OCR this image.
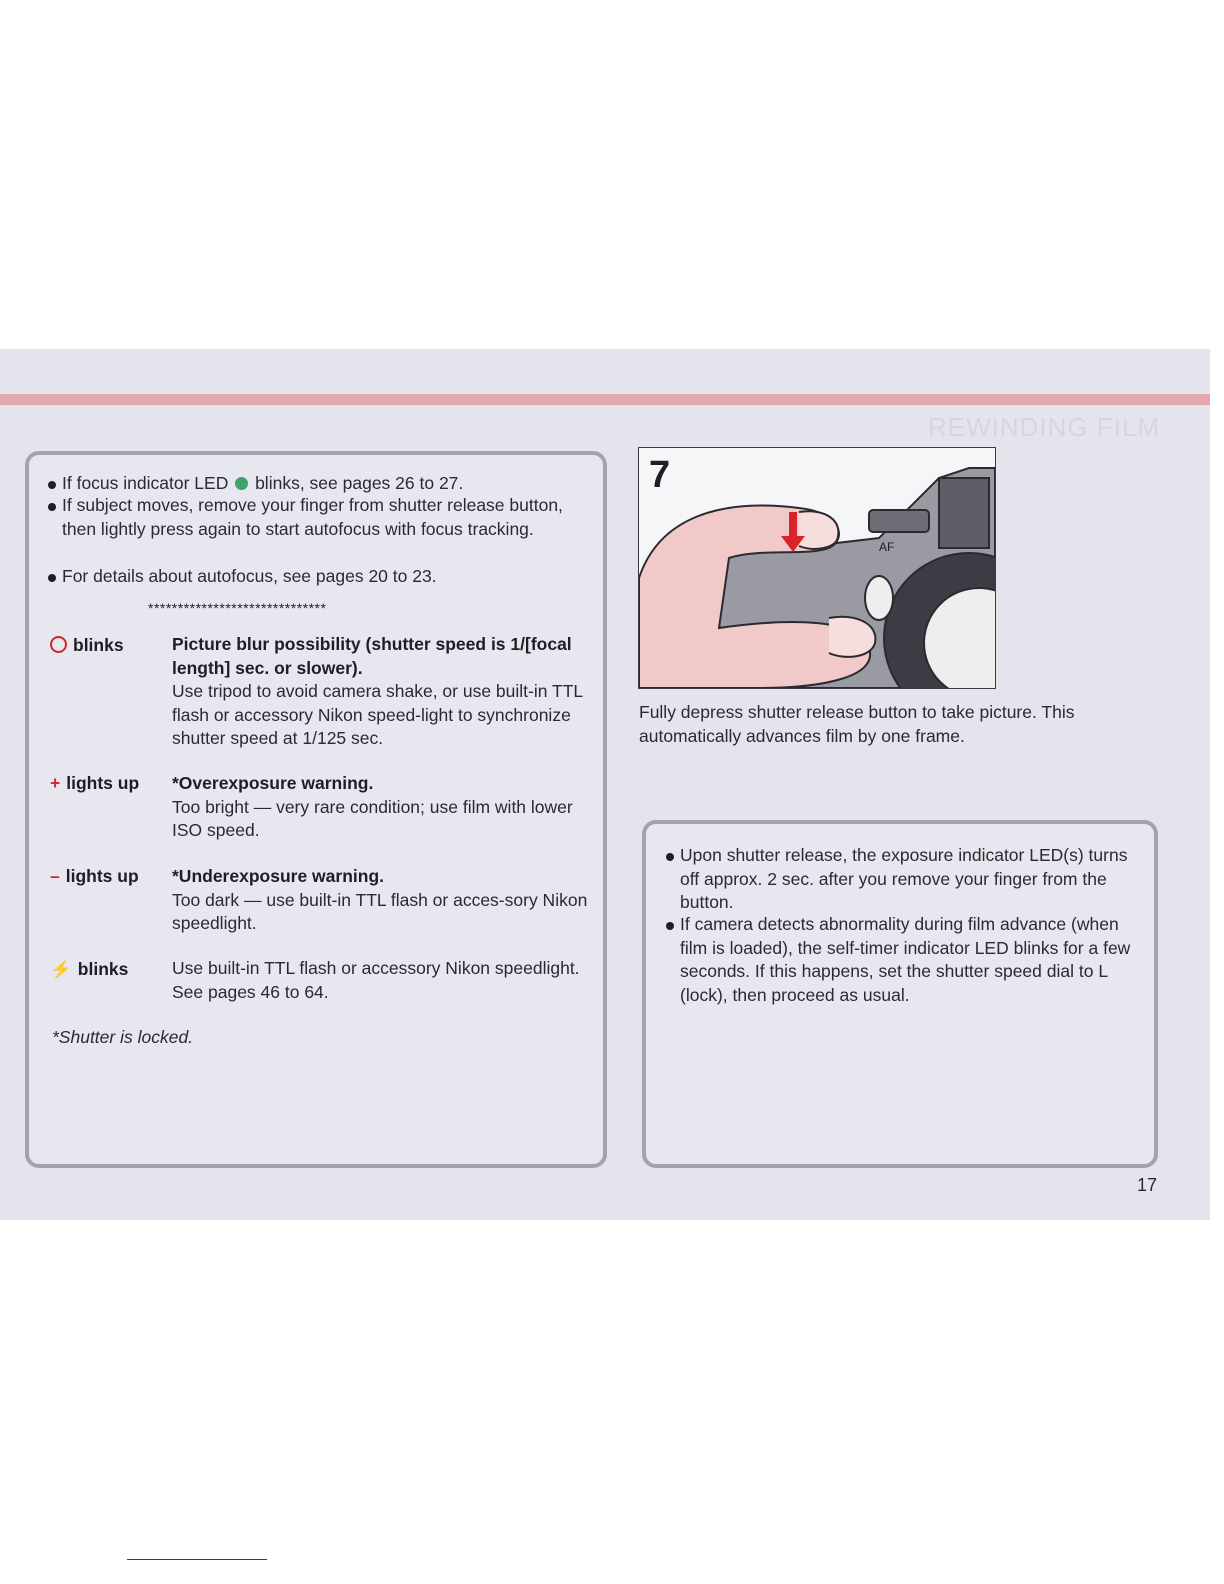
REWINDING FILM
If focus indicator LED blinks, see pages 26 to 27.
If subject moves, remove your finger from shutter release button, then lightly press again to start autofocus with focus tracking.
For details about autofocus, see pages 20 to 23.
******************************
blinks	Picture blur possibility (shutter speed is 1/[focal length] sec. or slower).
Use tripod to avoid camera shake, or use built-in TTL flash or accessory Nikon speed-light to synchronize shutter speed at 1/125 sec.
+ lights up *Overexposure warning.
Too bright — very rare condition; use film with lower ISO speed.
– lights up *Underexposure warning.
Too dark — use built-in TTL flash or acces-sory Nikon speedlight.
⚡ blinks Use built-in TTL flash or accessory Nikon speedlight. See pages 46 to 64.
*Shutter is locked.
AF
7
Fully depress shutter release button to take picture. This automatically advances film by one frame.
Upon shutter release, the exposure indicator LED(s) turns off approx. 2 sec. after you remove your finger from the button.
If camera detects abnormality during film advance (when film is loaded), the self-timer indicator LED blinks for a few seconds. If this happens, set the shutter speed dial to L (lock), then proceed as usual.
17
